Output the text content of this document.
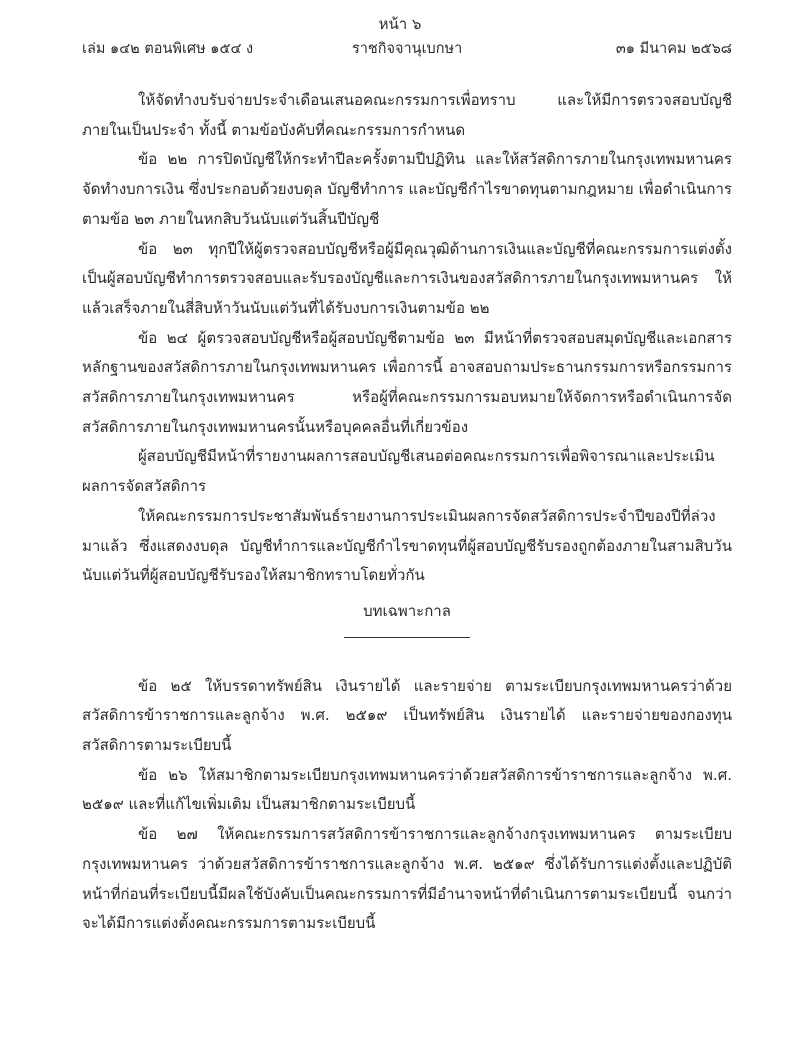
หน้า ๖
เล่ม ๑๔๒ ตอนพิเศษ ๑๕๔ ง	ราชกิจจานุเบกษา	๓๑ มีนาคม ๒๕๖๘

ให้จัดทำงบรับจ่ายประจำเดือนเสนอคณะกรรมการเพื่อทราบ และให้มีการตรวจสอบบัญชีภายในเป็นประจำ ทั้งนี้ ตามข้อบังคับที่คณะกรรมการกำหนด

ข้อ ๒๒ การปิดบัญชีให้กระทำปีละครั้งตามปีปฏิทิน และให้สวัสดิการภายในกรุงเทพมหานครจัดทำงบการเงิน ซึ่งประกอบด้วยงบดุล บัญชีทำการ และบัญชีกำไรขาดทุนตามกฎหมาย เพื่อดำเนินการตามข้อ ๒๓ ภายในหกสิบวันนับแต่วันสิ้นปีบัญชี

ข้อ ๒๓ ทุกปีให้ผู้ตรวจสอบบัญชีหรือผู้มีคุณวุฒิด้านการเงินและบัญชีที่คณะกรรมการแต่งตั้งเป็นผู้สอบบัญชีทำการตรวจสอบและรับรองบัญชีและการเงินของสวัสดิการภายในกรุงเทพมหานคร ให้แล้วเสร็จภายในสี่สิบห้าวันนับแต่วันที่ได้รับงบการเงินตามข้อ ๒๒

ข้อ ๒๔ ผู้ตรวจสอบบัญชีหรือผู้สอบบัญชีตามข้อ ๒๓ มีหน้าที่ตรวจสอบสมุดบัญชีและเอกสารหลักฐานของสวัสดิการภายในกรุงเทพมหานคร เพื่อการนี้ อาจสอบถามประธานกรรมการหรือกรรมการสวัสดิการภายในกรุงเทพมหานคร หรือผู้ที่คณะกรรมการมอบหมายให้จัดการหรือดำเนินการจัดสวัสดิการภายในกรุงเทพมหานครนั้นหรือบุคคลอื่นที่เกี่ยวข้อง

ผู้สอบบัญชีมีหน้าที่รายงานผลการสอบบัญชีเสนอต่อคณะกรรมการเพื่อพิจารณาและประเมินผลการจัดสวัสดิการ

ให้คณะกรรมการประชาสัมพันธ์รายงานการประเมินผลการจัดสวัสดิการประจำปีของปีที่ล่วงมาแล้ว ซึ่งแสดงงบดุล บัญชีทำการและบัญชีกำไรขาดทุนที่ผู้สอบบัญชีรับรองถูกต้องภายในสามสิบวันนับแต่วันที่ผู้สอบบัญชีรับรองให้สมาชิกทราบโดยทั่วกัน

บทเฉพาะกาล

ข้อ ๒๕ ให้บรรดาทรัพย์สิน เงินรายได้ และรายจ่าย ตามระเบียบกรุงเทพมหานครว่าด้วยสวัสดิการข้าราชการและลูกจ้าง พ.ศ. ๒๕๑๙ เป็นทรัพย์สิน เงินรายได้ และรายจ่ายของกองทุนสวัสดิการตามระเบียบนี้

ข้อ ๒๖ ให้สมาชิกตามระเบียบกรุงเทพมหานครว่าด้วยสวัสดิการข้าราชการและลูกจ้าง พ.ศ. ๒๕๑๙ และที่แก้ไขเพิ่มเติม เป็นสมาชิกตามระเบียบนี้

ข้อ ๒๗ ให้คณะกรรมการสวัสดิการข้าราชการและลูกจ้างกรุงเทพมหานคร ตามระเบียบกรุงเทพมหานคร ว่าด้วยสวัสดิการข้าราชการและลูกจ้าง พ.ศ. ๒๕๑๙ ซึ่งได้รับการแต่งตั้งและปฏิบัติหน้าที่ก่อนที่ระเบียบนี้มีผลใช้บังคับเป็นคณะกรรมการที่มีอำนาจหน้าที่ดำเนินการตามระเบียบนี้ จนกว่าจะได้มีการแต่งตั้งคณะกรรมการตามระเบียบนี้
